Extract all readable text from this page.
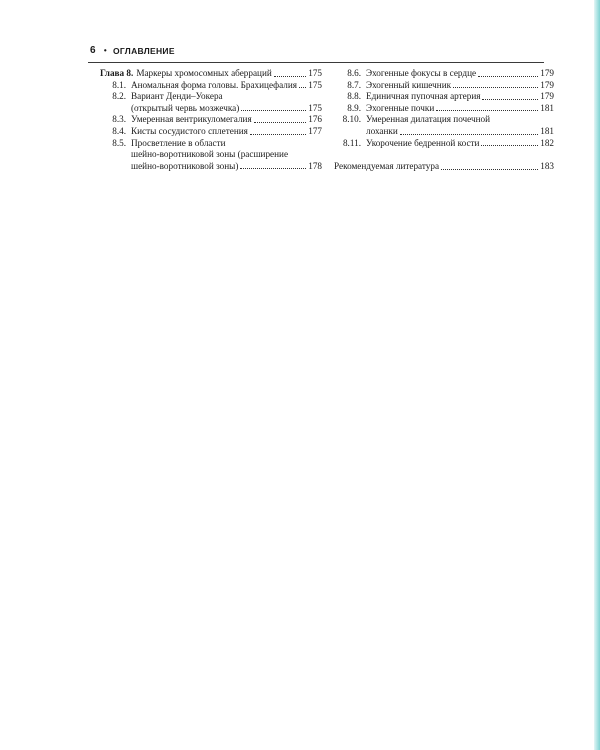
6 • ОГЛАВЛЕНИЕ
Глава 8. Маркеры хромосомных аберраций	175
8.1. Аномальная форма головы. Брахицефалия 175
8.2. Вариант Денди–Уокера
(открытый червь мозжечка)	175
8.3. Умеренная вентрикуломегалия	176
8.4. Кисты сосудистого сплетения	177
8.5. Просветление в области
шейно-воротниковой зоны (расширение
шейно-воротниковой зоны)	178
8.6. Эхогенные фокусы в сердце	179
8.7. Эхогенный кишечник	179
8.8. Единичная пупочная артерия	179
8.9. Эхогенные почки	181
8.10. Умеренная дилатация почечной
лоханки	181
8.11. Укорочение бедренной кости	182
Рекомендуемая литература	183
